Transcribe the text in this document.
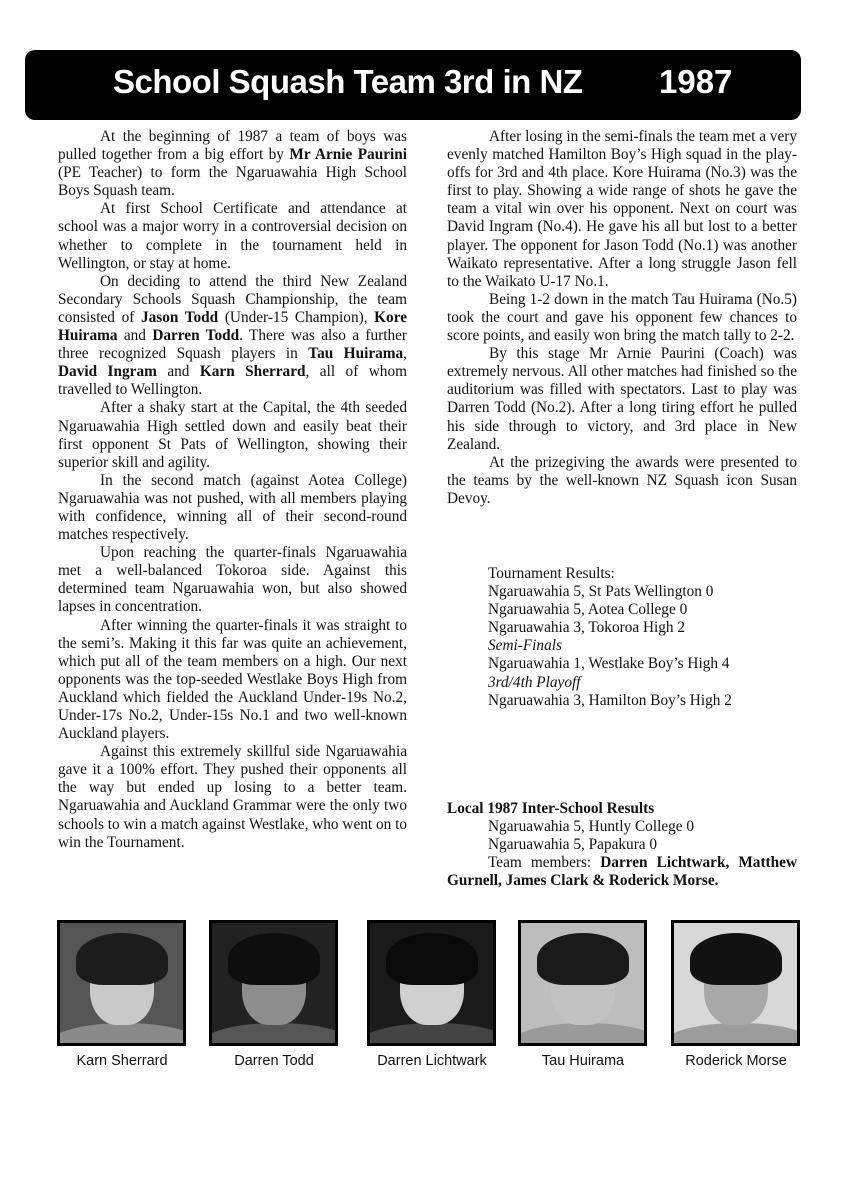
School Squash Team 3rd in NZ 1987

At the beginning of 1987 a team of boys was pulled together from a big effort by Mr Arnie Paurini (PE Teacher) to form the Ngaruawahia High School Boys Squash team.

At first School Certificate and attendance at school was a major worry in a controversial decision on whether to complete in the tournament held in Wellington, or stay at home.

On deciding to attend the third New Zealand Secondary Schools Squash Championship, the team consisted of Jason Todd (Under-15 Champion), Kore Huirama and Darren Todd. There was also a further three recognized Squash players in Tau Huirama, David Ingram and Karn Sherrard, all of whom travelled to Wellington.

After a shaky start at the Capital, the 4th seeded Ngaruawahia High settled down and easily beat their first opponent St Pats of Wellington, showing their superior skill and agility.

In the second match (against Aotea College) Ngaruawahia was not pushed, with all members playing with confidence, winning all of their second-round matches respectively.

Upon reaching the quarter-finals Ngaruawahia met a well-balanced Tokoroa side. Against this determined team Ngaruawahia won, but also showed lapses in concentration.

After winning the quarter-finals it was straight to the semi’s. Making it this far was quite an achievement, which put all of the team members on a high. Our next opponents was the top-seeded Westlake Boys High from Auckland which fielded the Auckland Under-19s No.2, Under-17s No.2, Under-15s No.1 and two well-known Auckland players.

Against this extremely skillful side Ngaruawahia gave it a 100% effort. They pushed their opponents all the way but ended up losing to a better team. Ngaruawahia and Auckland Grammar were the only two schools to win a match against Westlake, who went on to win the Tournament.

After losing in the semi-finals the team met a very evenly matched Hamilton Boy’s High squad in the play-offs for 3rd and 4th place. Kore Huirama (No.3) was the first to play. Showing a wide range of shots he gave the team a vital win over his opponent. Next on court was David Ingram (No.4). He gave his all but lost to a better player. The opponent for Jason Todd (No.1) was another Waikato representative. After a long struggle Jason fell to the Waikato U-17 No.1.

Being 1-2 down in the match Tau Huirama (No.5) took the court and gave his opponent few chances to score points, and easily won bring the match tally to 2-2.

By this stage Mr Arnie Paurini (Coach) was extremely nervous. All other matches had finished so the auditorium was filled with spectators. Last to play was Darren Todd (No.2). After a long tiring effort he pulled his side through to victory, and 3rd place in New Zealand.

At the prizegiving the awards were presented to the teams by the well-known NZ Squash icon Susan Devoy.

Tournament Results:
Ngaruawahia 5, St Pats Wellington 0
Ngaruawahia 5, Aotea College 0
Ngaruawahia 3, Tokoroa High 2
Semi-Finals
Ngaruawahia 1, Westlake Boy’s High 4
3rd/4th Playoff
Ngaruawahia 3, Hamilton Boy’s High 2
Local 1987 Inter-School Results
Ngaruawahia 5, Huntly College 0
Ngaruawahia 5, Papakura 0

Team members: Darren Lichtwark, Matthew Gurnell, James Clark & Roderick Morse.

Karn Sherrard	Darren Todd	Darren Lichtwark	Tau Huirama	Roderick Morse
